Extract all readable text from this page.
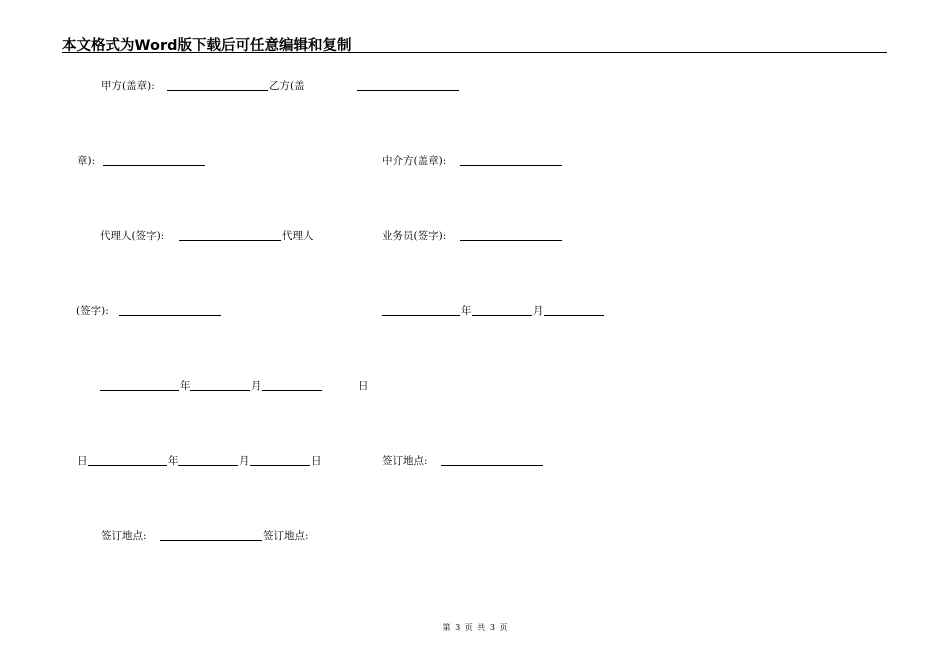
本文格式为Word版下载后可任意编辑和复制
甲方(盖章):	乙方(盖
章):	中介方(盖章):
代理人(签字):	代理人	业务员(签字):
(签字):	年	月
年	月	日
日	年	月	日	签订地点:
签订地点:	签订地点:
第 3 页 共 3 页
